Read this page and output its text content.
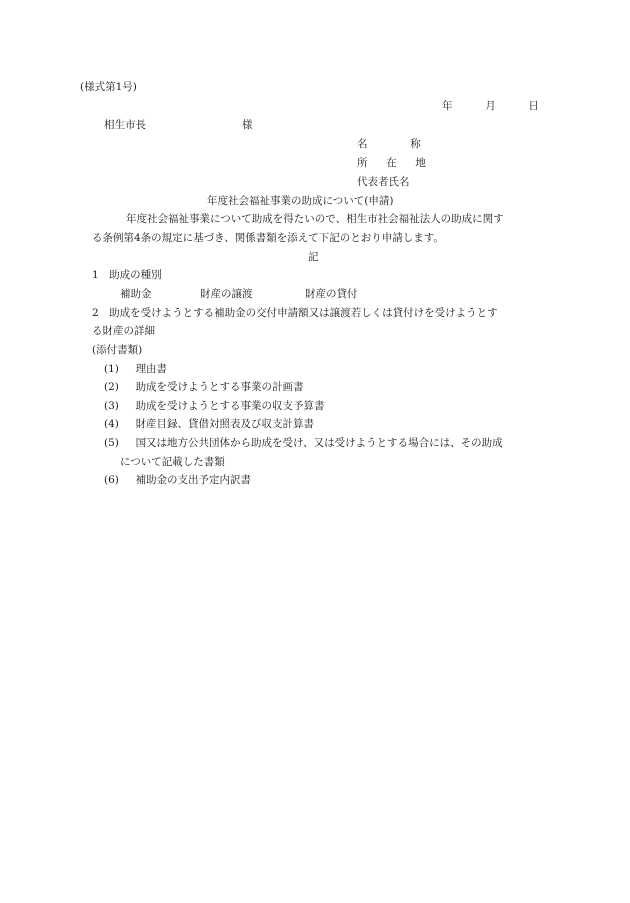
(様式第1号)
年	月	日
相生市長	様
名	称
所 在 地
代表者氏名
年度社会福祉事業の助成について(申請)
年度社会福祉事業について助成を得たいので、相生市社会福祉法人の助成に関す
る条例第4条の規定に基づき、関係書類を添えて下記のとおり申請します。
記
1　助成の種別
補助金	財産の譲渡	財産の貸付
2　助成を受けようとする補助金の交付申請額又は譲渡若しくは貸付けを受けようとす
る財産の詳細
(添付書類)
(1) 理由書
(2) 助成を受けようとする事業の計画書
(3) 助成を受けようとする事業の収支予算書
(4) 財産目録、貸借対照表及び収支計算書
(5) 国又は地方公共団体から助成を受け、又は受けようとする場合には、その助成
について記載した書類
(6) 補助金の支出予定内訳書
